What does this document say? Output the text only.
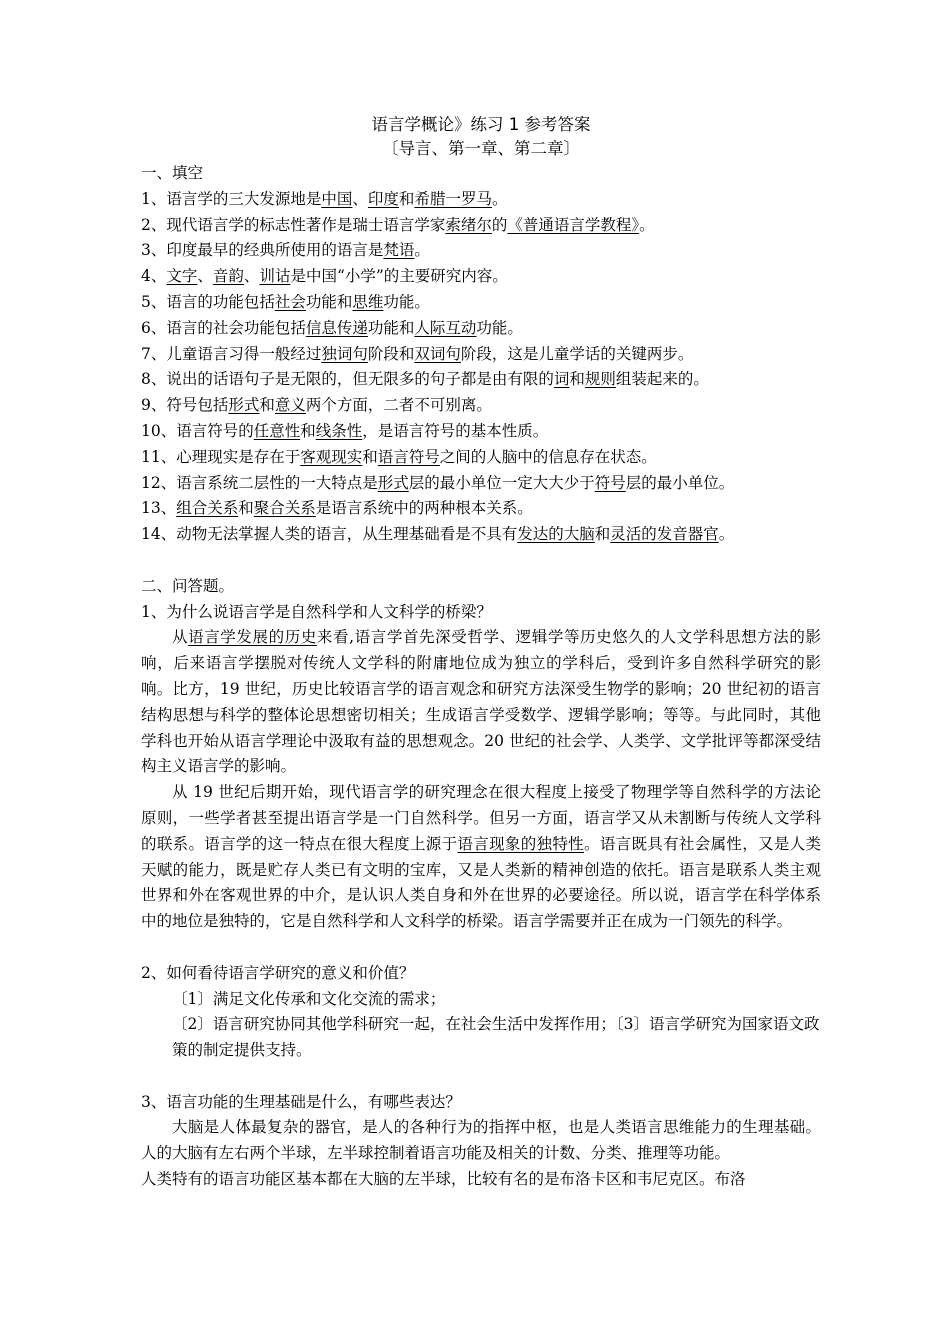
语言学概论》练习 1 参考答案
〔导言、第一章、第二章〕
一、填空
1、语言学的三大发源地是中国、印度和希腊一罗马。
2、现代语言学的标志性著作是瑞士语言学家索绪尔的《普通语言学教程》。
3、印度最早的经典所使用的语言是梵语。
4、文字、音韵、训诂是中国“小学”的主要研究内容。
5、语言的功能包括社会功能和思维功能。
6、语言的社会功能包括信息传递功能和人际互动功能。
7、儿童语言习得一般经过独词句阶段和双词句阶段，这是儿童学话的关键两步。
8、说出的话语句子是无限的，但无限多的句子都是由有限的词和规则组装起来的。
9、符号包括形式和意义两个方面，二者不可别离。
10、语言符号的任意性和线条性，是语言符号的基本性质。
11、心理现实是存在于客观现实和语言符号之间的人脑中的信息存在状态。
12、语言系统二层性的一大特点是形式层的最小单位一定大大少于符号层的最小单位。
13、组合关系和聚合关系是语言系统中的两种根本关系。
14、动物无法掌握人类的语言，从生理基础看是不具有发达的大脑和灵活的发音器官。
二、问答题。
1、为什么说语言学是自然科学和人文科学的桥梁？
从语言学发展的历史来看,语言学首先深受哲学、逻辑学等历史悠久的人文学科思想方法的影响，后来语言学摆脱对传统人文学科的附庸地位成为独立的学科后，受到许多自然科学研究的影响。比方，19 世纪，历史比较语言学的语言观念和研究方法深受生物学的影响；20 世纪初的语言结构思想与科学的整体论思想密切相关；生成语言学受数学、逻辑学影响；等等。与此同时，其他学科也开始从语言学理论中汲取有益的思想观念。20 世纪的社会学、人类学、文学批评等都深受结构主义语言学的影响。
从 19 世纪后期开始，现代语言学的研究理念在很大程度上接受了物理学等自然科学的方法论原则，一些学者甚至提出语言学是一门自然科学。但另一方面，语言学又从未割断与传统人文学科的联系。语言学的这一特点在很大程度上源于语言现象的独特性。语言既具有社会属性，又是人类天赋的能力，既是贮存人类已有文明的宝库，又是人类新的精神创造的依托。语言是联系人类主观世界和外在客观世界的中介，是认识人类自身和外在世界的必要途径。所以说，语言学在科学体系中的地位是独特的，它是自然科学和人文科学的桥梁。语言学需要并正在成为一门领先的科学。
2、如何看待语言学研究的意义和价值？
〔1〕满足文化传承和文化交流的需求；
〔2〕语言研究协同其他学科研究一起，在社会生活中发挥作用；〔3〕语言学研究为国家语文政策的制定提供支持。
3、语言功能的生理基础是什么，有哪些表达？
大脑是人体最复杂的器官，是人的各种行为的指挥中枢，也是人类语言思维能力的生理基础。人的大脑有左右两个半球，左半球控制着语言功能及相关的计数、分类、推理等功能。
人类特有的语言功能区基本都在大脑的左半球，比较有名的是布洛卡区和韦尼克区。布洛
